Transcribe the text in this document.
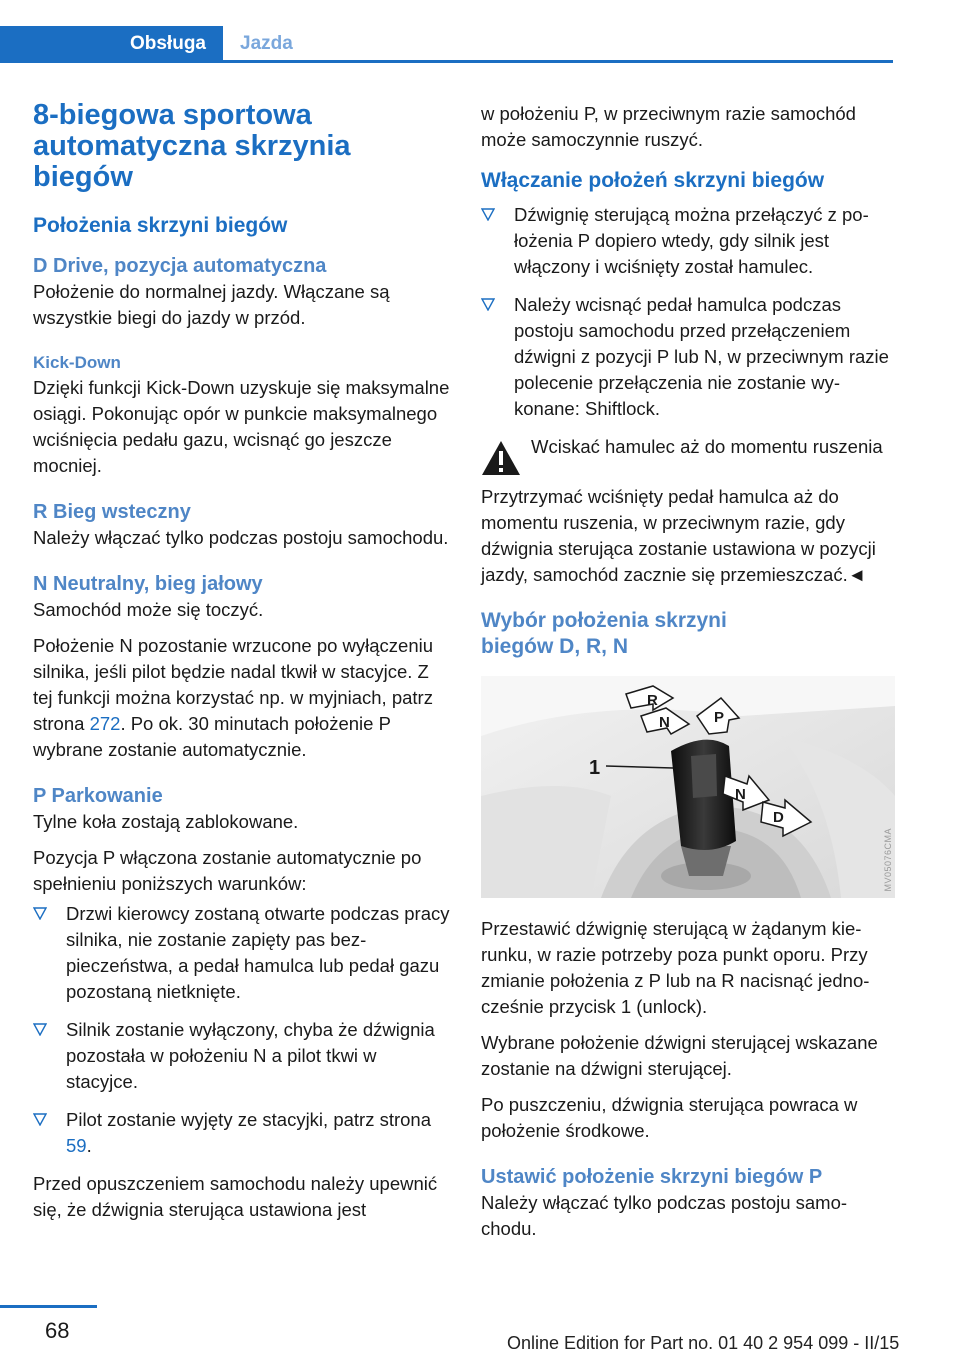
Obsługa	Jazda
8-biegowa sportowa automatyczna skrzynia biegów
Położenia skrzyni biegów
D Drive, pozycja automatyczna

Położenie do normalnej jazdy. Włączane są wszystkie biegi do jazdy w przód.

Kick-Down

Dzięki funkcji Kick-Down uzyskuje się maksymalne osiągi. Pokonując opór w punkcie maksymalnego wciśnięcia pedału gazu, wcisnąć go jeszcze mocniej.

R Bieg wsteczny

Należy włączać tylko podczas postoju samochodu.

N Neutralny, bieg jałowy

Samochód może się toczyć.

Położenie N pozostanie wrzucone po wyłączeniu silnika, jeśli pilot będzie nadal tkwił w stacyjce. Z tej funkcji można korzystać np. w myjniach, patrz strona 272. Po ok. 30 minutach położenie P wybrane zostanie automatycznie.

P Parkowanie

Tylne koła zostają zablokowane.

Pozycja P włączona zostanie automatycznie po spełnieniu poniższych warunków:

Drzwi kierowcy zostaną otwarte podczas pracy silnika, nie zostanie zapięty pas bezpieczeństwa, a pedał hamulca lub pedał gazu pozostaną nietknięte.
Silnik zostanie wyłączony, chyba że dźwignia pozostała w położeniu N a pilot tkwi w stacyjce.
Pilot zostanie wyjęty ze stacyjki, patrz strona 59.

Przed opuszczeniem samochodu należy upewnić się, że dźwignia sterująca ustawiona jest

w położeniu P, w przeciwnym razie samochód może samoczynnie ruszyć.

Włączanie położeń skrzyni biegów
Dźwignię sterującą można przełączyć z położenia P dopiero wtedy, gdy silnik jest włączony i wciśnięty został hamulec.
Należy wcisnąć pedał hamulca podczas postoju samochodu przed przełączeniem dźwigni z pozycji P lub N, w przeciwnym razie polecenie przełączenia nie zostanie wykonane: Shiftlock.

Wciskać hamulec aż do momentu ruszenia

Przytrzymać wciśnięty pedał hamulca aż do momentu ruszenia, w przeciwnym razie, gdy dźwignia sterująca zostanie ustawiona w pozycji jazdy, samochód zacznie się przemieszczać.◄

Wybór położenia skrzyni biegów D, R, N
1
R
N	P
N
D
MV05076CMA

Przestawić dźwignię sterującą w żądanym kierunku, w razie potrzeby poza punkt oporu. Przy zmianie położenia z P lub na R nacisnąć jednocześnie przycisk 1 (unlock).

Wybrane położenie dźwigni sterującej wskazane zostanie na dźwigni sterującej.

Po puszczeniu, dźwignia sterująca powraca w położenie środkowe.

Ustawić położenie skrzyni biegów P

Należy włączać tylko podczas postoju samochodu.

68	Online Edition for Part no. 01 40 2 954 099 - II/15
